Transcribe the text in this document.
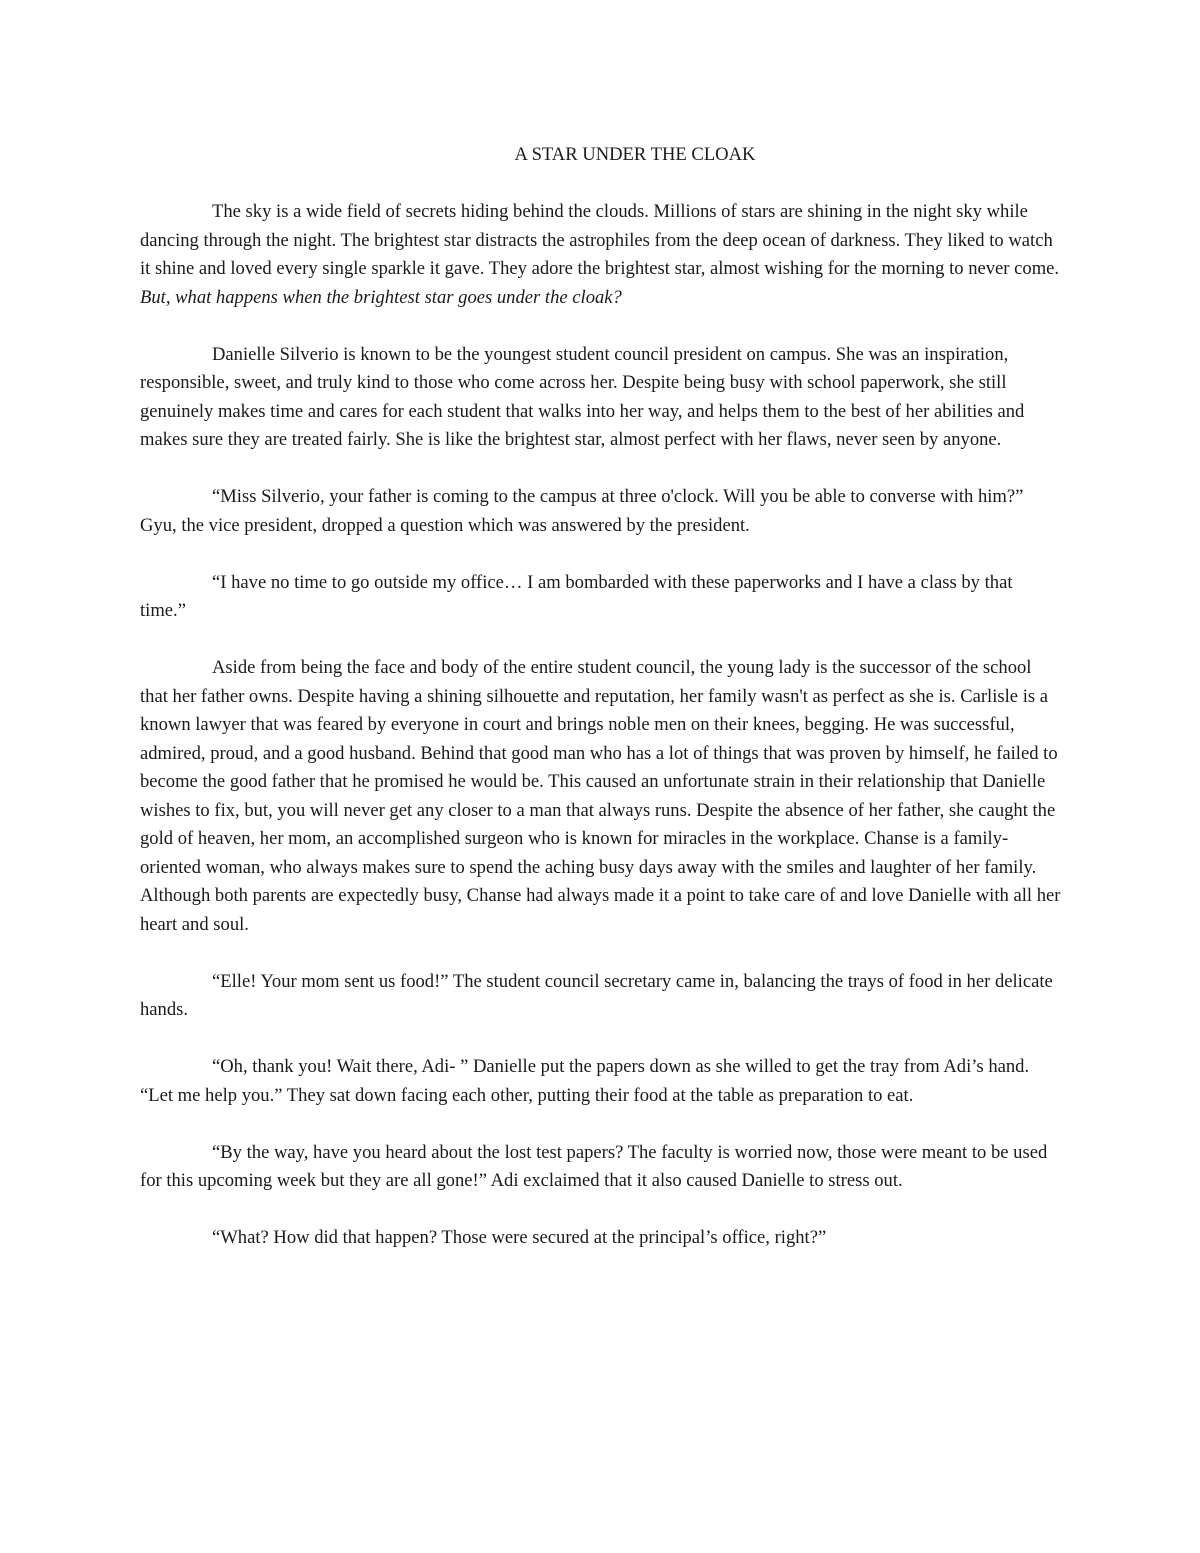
A STAR UNDER THE CLOAK

The sky is a wide field of secrets hiding behind the clouds. Millions of stars are shining in the night sky while dancing through the night. The brightest star distracts the astrophiles from the deep ocean of darkness. They liked to watch it shine and loved every single sparkle it gave. They adore the brightest star, almost wishing for the morning to never come. But, what happens when the brightest star goes under the cloak?

Danielle Silverio is known to be the youngest student council president on campus. She was an inspiration, responsible, sweet, and truly kind to those who come across her. Despite being busy with school paperwork, she still genuinely makes time and cares for each student that walks into her way, and helps them to the best of her abilities and makes sure they are treated fairly. She is like the brightest star, almost perfect with her flaws, never seen by anyone.

“Miss Silverio, your father is coming to the campus at three o'clock. Will you be able to converse with him?” Gyu, the vice president, dropped a question which was answered by the president.

“I have no time to go outside my office… I am bombarded with these paperworks and I have a class by that time.”

Aside from being the face and body of the entire student council, the young lady is the successor of the school that her father owns. Despite having a shining silhouette and reputation, her family wasn't as perfect as she is. Carlisle is a known lawyer that was feared by everyone in court and brings noble men on their knees, begging. He was successful, admired, proud, and a good husband. Behind that good man who has a lot of things that was proven by himself, he failed to become the good father that he promised he would be. This caused an unfortunate strain in their relationship that Danielle wishes to fix, but, you will never get any closer to a man that always runs. Despite the absence of her father, she caught the gold of heaven, her mom, an accomplished surgeon who is known for miracles in the workplace. Chanse is a family-oriented woman, who always makes sure to spend the aching busy days away with the smiles and laughter of her family. Although both parents are expectedly busy, Chanse had always made it a point to take care of and love Danielle with all her heart and soul.

“Elle! Your mom sent us food!” The student council secretary came in, balancing the trays of food in her delicate hands.

“Oh, thank you! Wait there, Adi- ” Danielle put the papers down as she willed to get the tray from Adi’s hand. “Let me help you.” They sat down facing each other, putting their food at the table as preparation to eat.

“By the way, have you heard about the lost test papers? The faculty is worried now, those were meant to be used for this upcoming week but they are all gone!” Adi exclaimed that it also caused Danielle to stress out.

“What? How did that happen? Those were secured at the principal’s office, right?”
